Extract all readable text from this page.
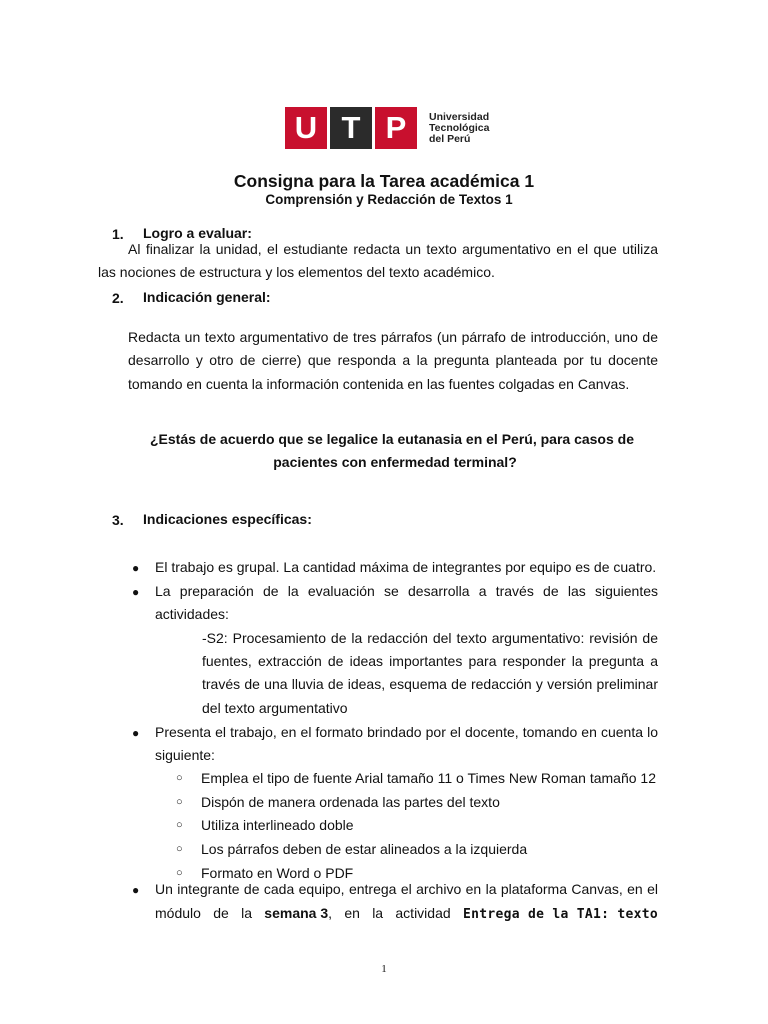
U T P	Universidad
Tecnológica
del Perú
Consigna para la Tarea académica 1
Comprensión y Redacción de Textos 1
1. Logro a evaluar:
Al finalizar la unidad, el estudiante redacta un texto argumentativo en el que utiliza
las nociones de estructura y los elementos del texto académico.
2. Indicación general:
Redacta un texto argumentativo de tres párrafos (un párrafo de introducción, uno de
desarrollo y otro de cierre) que responda a la pregunta planteada por tu docente
tomando en cuenta la información contenida en las fuentes colgadas en Canvas.
¿Estás de acuerdo que se legalice la eutanasia en el Perú, para casos de
pacientes con enfermedad terminal?
3. Indicaciones específicas:
● El trabajo es grupal. La cantidad máxima de integrantes por equipo es de cuatro.
● La preparación de la evaluación se desarrolla a través de las siguientes
actividades:
-S2: Procesamiento de la redacción del texto argumentativo: revisión de
fuentes, extracción de ideas importantes para responder la pregunta a
través de una lluvia de ideas, esquema de redacción y versión preliminar
del texto argumentativo
● Presenta el trabajo, en el formato brindado por el docente, tomando en cuenta lo
siguiente:
○ Emplea el tipo de fuente Arial tamaño 11 o Times New Roman tamaño 12
○ Dispón de manera ordenada las partes del texto
○ Utiliza interlineado doble
○ Los párrafos deben de estar alineados a la izquierda
○ Formato en Word o PDF
● Un integrante de cada equipo, entrega el archivo en la plataforma Canvas, en el
módulo de la semana 3, en la actividad Entrega de la TA1: texto
1
